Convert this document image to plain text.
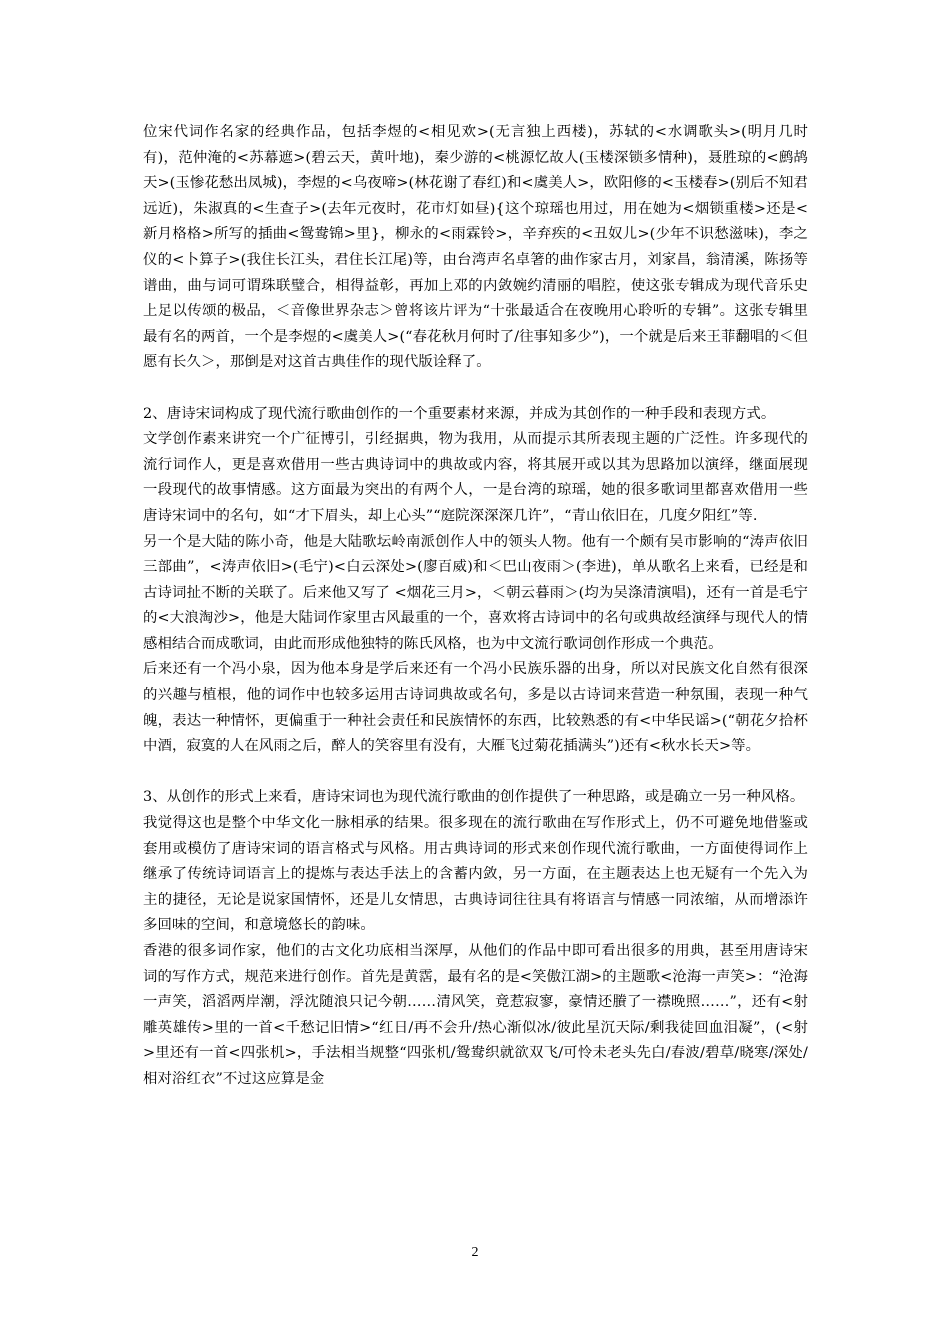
位宋代词作名家的经典作品，包括李煜的<相见欢>(无言独上西楼)，苏轼的<水调歌头>(明月几时有)，范仲淹的<苏幕遮>(碧云天，黄叶地)，秦少游的<桃源忆故人(玉楼深锁多情种)，聂胜琼的<鹧鸪天>(玉惨花愁出凤城)，李煜的<乌夜啼>(林花谢了春红)和<虞美人>，欧阳修的<玉楼春>(别后不知君远近)，朱淑真的<生查子>(去年元夜时，花市灯如昼){这个琼瑶也用过，用在她为<烟锁重楼>还是<新月格格>所写的插曲<鸳鸯锦>里}，柳永的<雨霖铃>，辛弃疾的<丑奴儿>(少年不识愁滋味)，李之仪的<卜算子>(我住长江头，君住长江尾)等，由台湾声名卓箸的曲作家古月，刘家昌，翁清溪，陈扬等谱曲，曲与词可谓珠联璧合，相得益彰，再加上邓的内敛婉约清丽的唱腔，使这张专辑成为现代音乐史上足以传颂的极品，＜音像世界杂志＞曾将该片评为“十张最适合在夜晚用心聆听的专辑”。这张专辑里最有名的两首，一个是李煜的<虞美人>(“春花秋月何时了/往事知多少”)，一个就是后来王菲翻唱的＜但愿有长久＞，那倒是对这首古典佳作的现代版诠释了。

2、唐诗宋词构成了现代流行歌曲创作的一个重要素材来源，并成为其创作的一种手段和表现方式。

文学创作素来讲究一个广征博引，引经据典，物为我用，从而提示其所表现主题的广泛性。许多现代的流行词作人，更是喜欢借用一些古典诗词中的典故或内容，将其展开或以其为思路加以演绎，继面展现一段现代的故事情感。这方面最为突出的有两个人，一是台湾的琼瑶，她的很多歌词里都喜欢借用一些唐诗宋词中的名句，如“才下眉头，却上心头”“庭院深深深几许”，“青山依旧在，几度夕阳红”等.

另一个是大陆的陈小奇，他是大陆歌坛岭南派创作人中的领头人物。他有一个颇有吴市影响的“涛声依旧三部曲”，<涛声依旧>(毛宁)<白云深处>(廖百威)和＜巴山夜雨＞(李进)，单从歌名上来看，已经是和古诗词扯不断的关联了。后来他又写了 <烟花三月>，＜朝云暮雨＞(均为吴涤清演唱)，还有一首是毛宁的<大浪淘沙>，他是大陆词作家里古风最重的一个，喜欢将古诗词中的名句或典故经演绎与现代人的情感相结合而成歌词，由此而形成他独特的陈氏风格，也为中文流行歌词创作形成一个典范。

后来还有一个冯小泉，因为他本身是学后来还有一个冯小民族乐器的出身，所以对民族文化自然有很深的兴趣与植根，他的词作中也较多运用古诗词典故或名句，多是以古诗词来营造一种氛围，表现一种气魄，表达一种情怀，更偏重于一种社会责任和民族情怀的东西，比较熟悉的有<中华民谣>(“朝花夕拾杯中酒，寂寞的人在风雨之后，醉人的笑容里有没有，大雁飞过菊花插满头”)还有<秋水长天>等。

3、从创作的形式上来看，唐诗宋词也为现代流行歌曲的创作提供了一种思路，或是确立一另一种风格。

我觉得这也是整个中华文化一脉相承的结果。很多现在的流行歌曲在写作形式上，仍不可避免地借鉴或套用或模仿了唐诗宋词的语言格式与风格。用古典诗词的形式来创作现代流行歌曲，一方面使得词作上继承了传统诗词语言上的提炼与表达手法上的含蓄内敛，另一方面，在主题表达上也无疑有一个先入为主的捷径，无论是说家国情怀，还是儿女情思，古典诗词往往具有将语言与情感一同浓缩，从而增添许多回味的空间，和意境悠长的韵味。

香港的很多词作家，他们的古文化功底相当深厚，从他们的作品中即可看出很多的用典，甚至用唐诗宋词的写作方式，规范来进行创作。首先是黄霑，最有名的是<笑傲江湖>的主题歌<沧海一声笑>：“沧海一声笑，滔滔两岸潮，浮沈随浪只记今朝……清风笑，竟惹寂寥，豪情还賸了一襟晚照……”，还有<射雕英雄传>里的一首<千愁记旧情>“红日/再不会升/热心渐似冰/彼此星沉天际/剩我徒回血泪凝”，(<射>里还有一首<四张机>，手法相当规整“四张机/鸳鸯织就欲双飞/可怜未老头先白/春波/碧草/晓寒/深处/相对浴红衣”不过这应算是金

2
